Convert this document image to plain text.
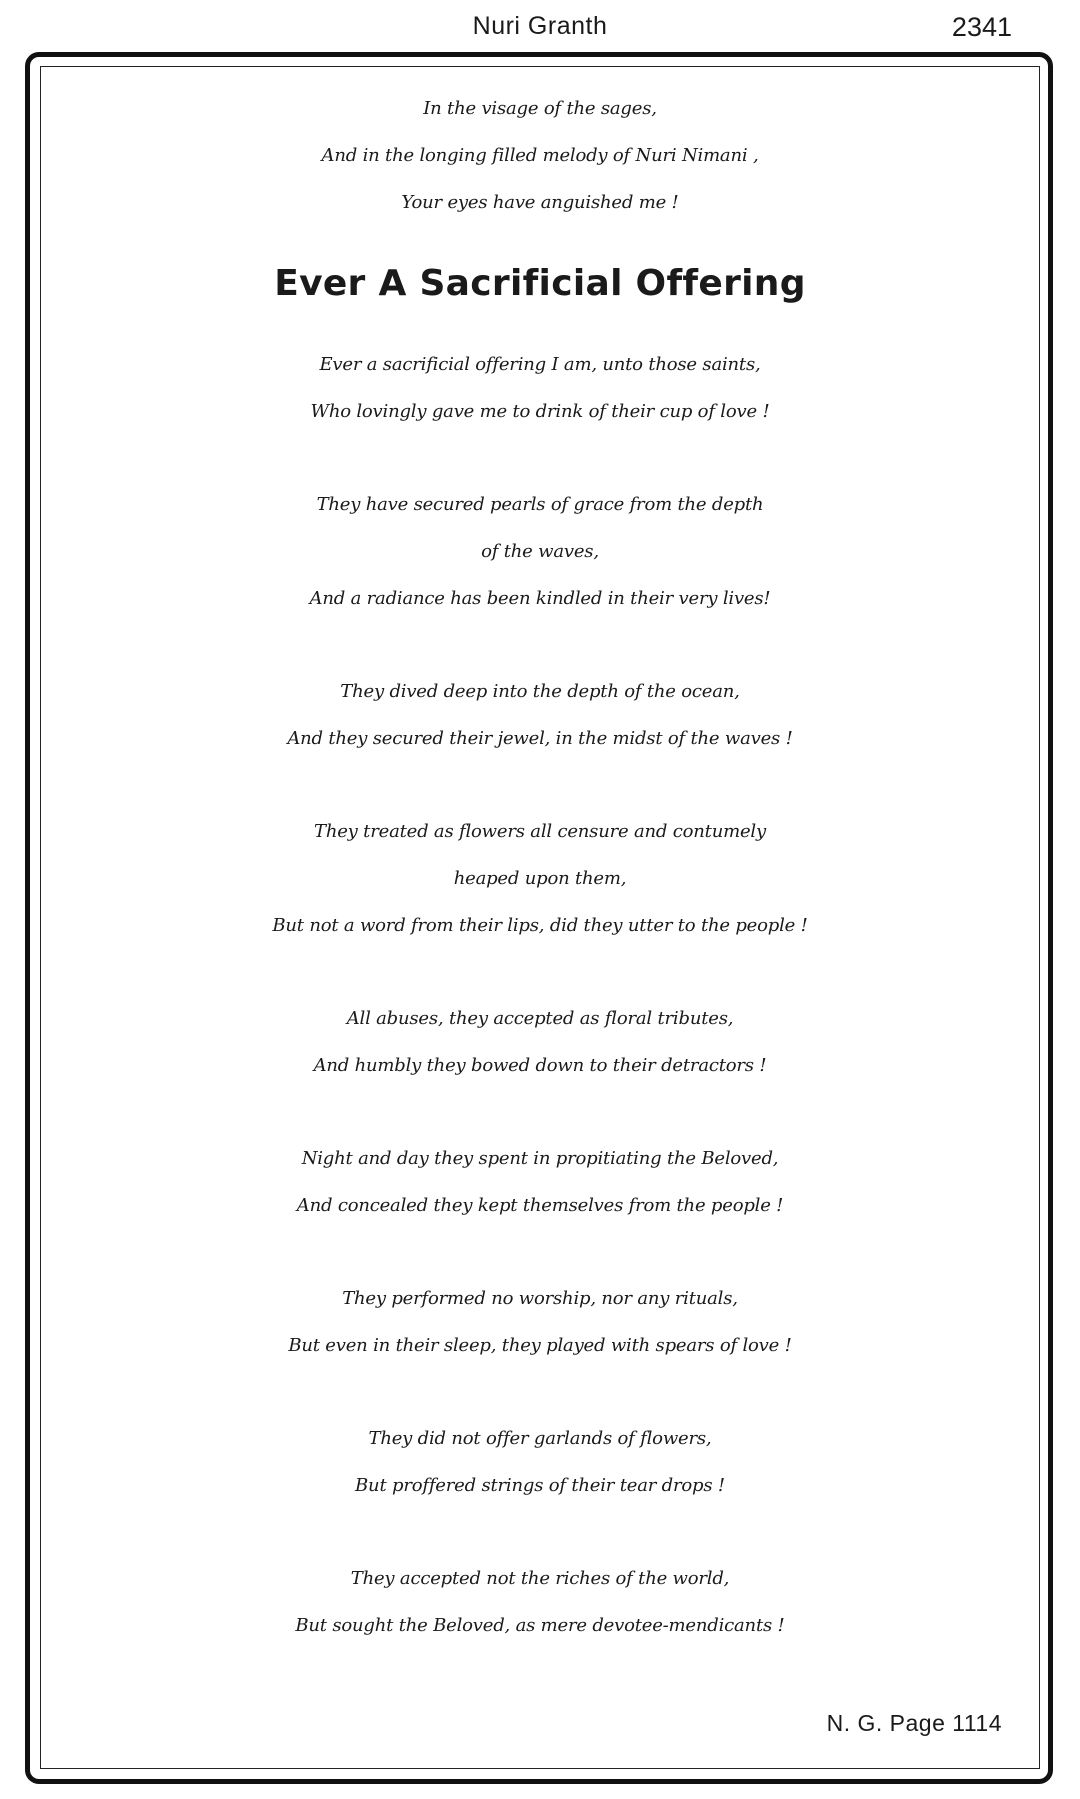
Nuri Granth	2341
In the visage of the sages,
And in the longing filled melody of Nuri Nimani ,
Your eyes have anguished me !
Ever A Sacrificial Offering
Ever a sacrificial offering I am, unto those saints,
Who lovingly gave me to drink of their cup of love !
They have secured pearls of grace from the depth
of the waves,
And a radiance has been kindled in their very lives!
They dived deep into the depth of the ocean,
And they secured their jewel, in the midst of the waves !
They treated as flowers all censure and contumely
heaped upon them,
But not a word from their lips, did they utter to the people !
All abuses, they accepted as floral tributes,
And humbly they bowed down to their detractors !
Night and day they spent in propitiating the Beloved,
And concealed they kept themselves from the people !
They performed no worship, nor any rituals,
But even in their sleep, they played with spears of love !
They did not offer garlands of flowers,
But proffered strings of their tear drops !
They accepted not the riches of the world,
But sought the Beloved, as mere devotee-mendicants !
N. G. Page 1114
